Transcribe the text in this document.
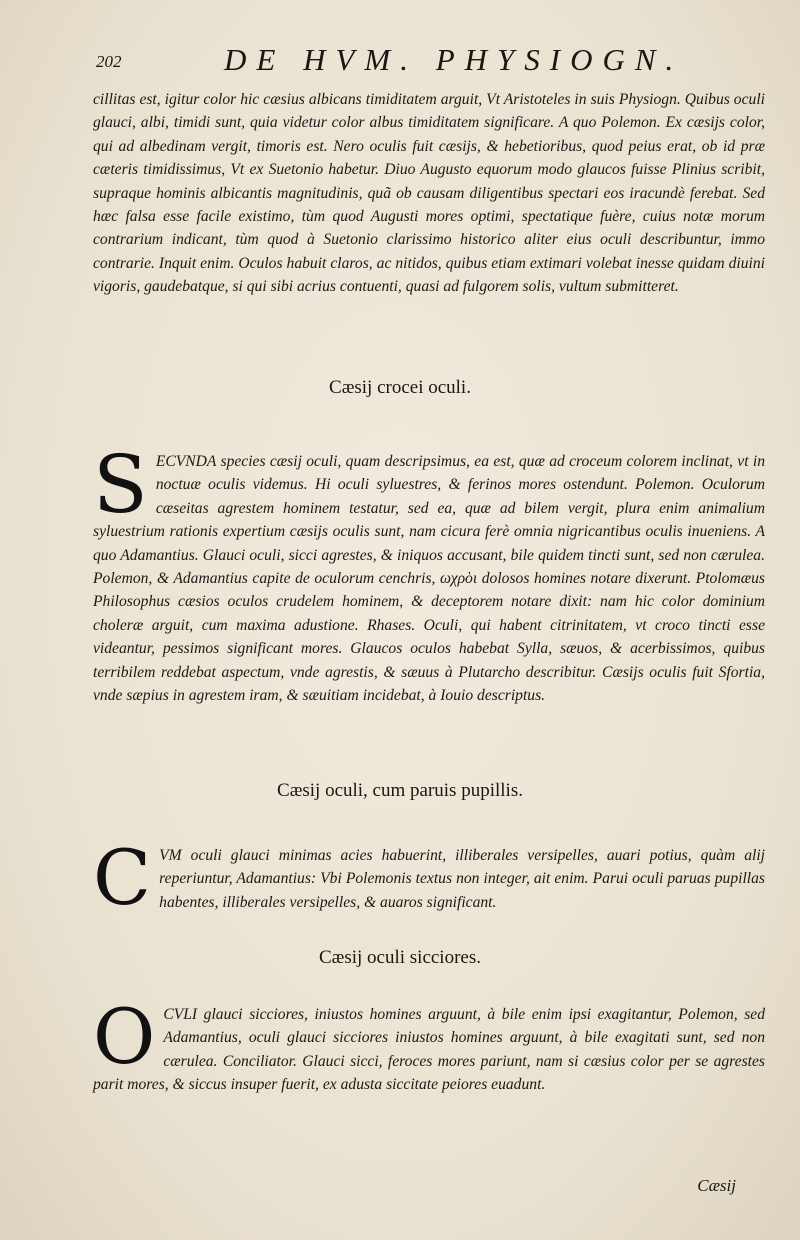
202	DE HVM. PHYSIOGN.

cillitas est, igitur color hic cæsius albicans timiditatem arguit, Vt Aristoteles in suis Physiogn. Quibus oculi glauci, albi, timidi sunt, quia videtur color albus timiditatem significare. A quo Polemon. Ex cæsijs color, qui ad albedinam vergit, timoris est. Nero oculis fuit cæsijs, & hebetioribus, quod peius erat, ob id præ cæteris timidissimus, Vt ex Suetonio habetur. Diuo Augusto equorum modo glaucos fuisse Plinius scribit, supraque hominis albicantis magnitudinis, quã ob causam diligentibus spectari eos iracundè ferebat. Sed hæc falsa esse facile existimo, tùm quod Augusti mores optimi, spectatique fuère, cuius notæ morum contrarium indicant, tùm quod à Suetonio clarissimo historico aliter eius oculi describuntur, immo contrarie. Inquit enim. Oculos habuit claros, ac nitidos, quibus etiam extimari volebat inesse quidam diuini vigoris, gaudebatque, si qui sibi acrius contuenti, quasi ad fulgorem solis, vultum submitteret.

Cæsij crocei oculi.

SECVNDA species cæsij oculi, quam descripsimus, ea est, quæ ad croceum colorem inclinat, vt in noctuæ oculis videmus. Hi oculi syluestres, & ferinos mores ostendunt. Polemon. Oculorum cæseitas agrestem hominem testatur, sed ea, quæ ad bilem vergit, plura enim animalium syluestrium rationis expertium cæsijs oculis sunt, nam cicura ferè omnia nigricantibus oculis inueniens. A quo Adamantius. Glauci oculi, sicci agrestes, & iniquos accusant, bile quidem tincti sunt, sed non cærulea. Polemon, & Adamantius capite de oculorum cenchris, ωχρὸι dolosos homines notare dixerunt. Ptolomæus Philosophus cæsios oculos crudelem hominem, & deceptorem notare dixit: nam hic color dominium choleræ arguit, cum maxima adustione. Rhases. Oculi, qui habent citrinitatem, vt croco tincti esse videantur, pessimos significant mores. Glaucos oculos habebat Sylla, sæuos, & acerbissimos, quibus terribilem reddebat aspectum, vnde agrestis, & sæuus à Plutarcho describitur. Cæsijs oculis fuit Sfortia, vnde sæpius in agrestem iram, & sæuitiam incidebat, à Iouio descriptus.

Cæsij oculi, cum paruis pupillis.

CVM oculi glauci minimas acies habuerint, illiberales versipelles, auari potius, quàm alij reperiuntur, Adamantius: Vbi Polemonis textus non integer, ait enim. Parui oculi paruas pupillas habentes, illiberales versipelles, & auaros significant.

Cæsij oculi sicciores.

OCVLI glauci sicciores, iniustos homines arguunt, à bile enim ipsi exagitantur, Polemon, sed Adamantius, oculi glauci sicciores iniustos homines arguunt, à bile exagitati sunt, sed non cærulea. Conciliator. Glauci sicci, feroces mores pariunt, nam si cæsius color per se agrestes parit mores, & siccus insuper fuerit, ex adusta siccitate peiores euadunt.

Cæsij
